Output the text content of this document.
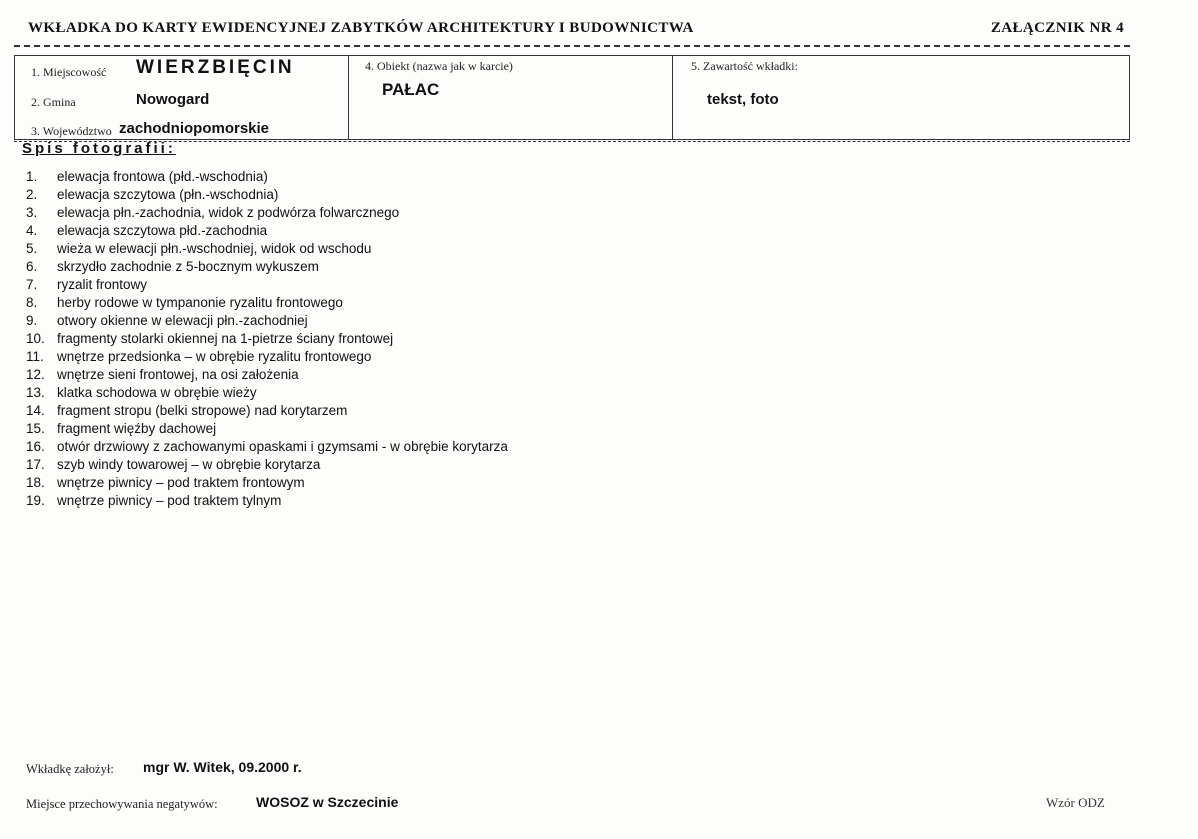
WKŁADKA DO KARTY EWIDENCYJNEJ ZABYTKÓW ARCHITEKTURY I BUDOWNICTWA	ZAŁĄCZNIK NR 4
1. Miejscowość WIERZBIĘCIN
2. Gmina	Nowogard
3. Województwo zachodniopomorskie
4. Obiekt (nazwa jak w karcie)
PAŁAC
5. Zawartość wkładki:
tekst, foto
Spis fotografii:
1.	elewacja frontowa (płd.-wschodnia)
2.	elewacja szczytowa (płn.-wschodnia)
3.	elewacja płn.-zachodnia, widok z podwórza folwarcznego
4.	elewacja szczytowa płd.-zachodnia
5.	wieża w elewacji płn.-wschodniej, widok od wschodu
6.	skrzydło zachodnie z 5-bocznym wykuszem
7.	ryzalit frontowy
8.	herby rodowe w tympanonie ryzalitu frontowego
9.	otwory okienne w elewacji płn.-zachodniej
10. fragmenty stolarki okiennej na 1-pietrze ściany frontowej
11. wnętrze przedsionka – w obrębie ryzalitu frontowego
12. wnętrze sieni frontowej, na osi założenia
13. klatka schodowa w obrębie wieży
14. fragment stropu (belki stropowe) nad korytarzem
15. fragment więźby dachowej
16. otwór drzwiowy z zachowanymi opaskami i gzymsami - w obrębie korytarza
17. szyb windy towarowej – w obrębie korytarza
18. wnętrze piwnicy – pod traktem frontowym
19. wnętrze piwnicy – pod traktem tylnym
Wkładkę założył: mgr W. Witek, 09.2000 r.
Miejsce przechowywania negatywów:	WOSOZ w Szczecinie	Wzór ODZ
